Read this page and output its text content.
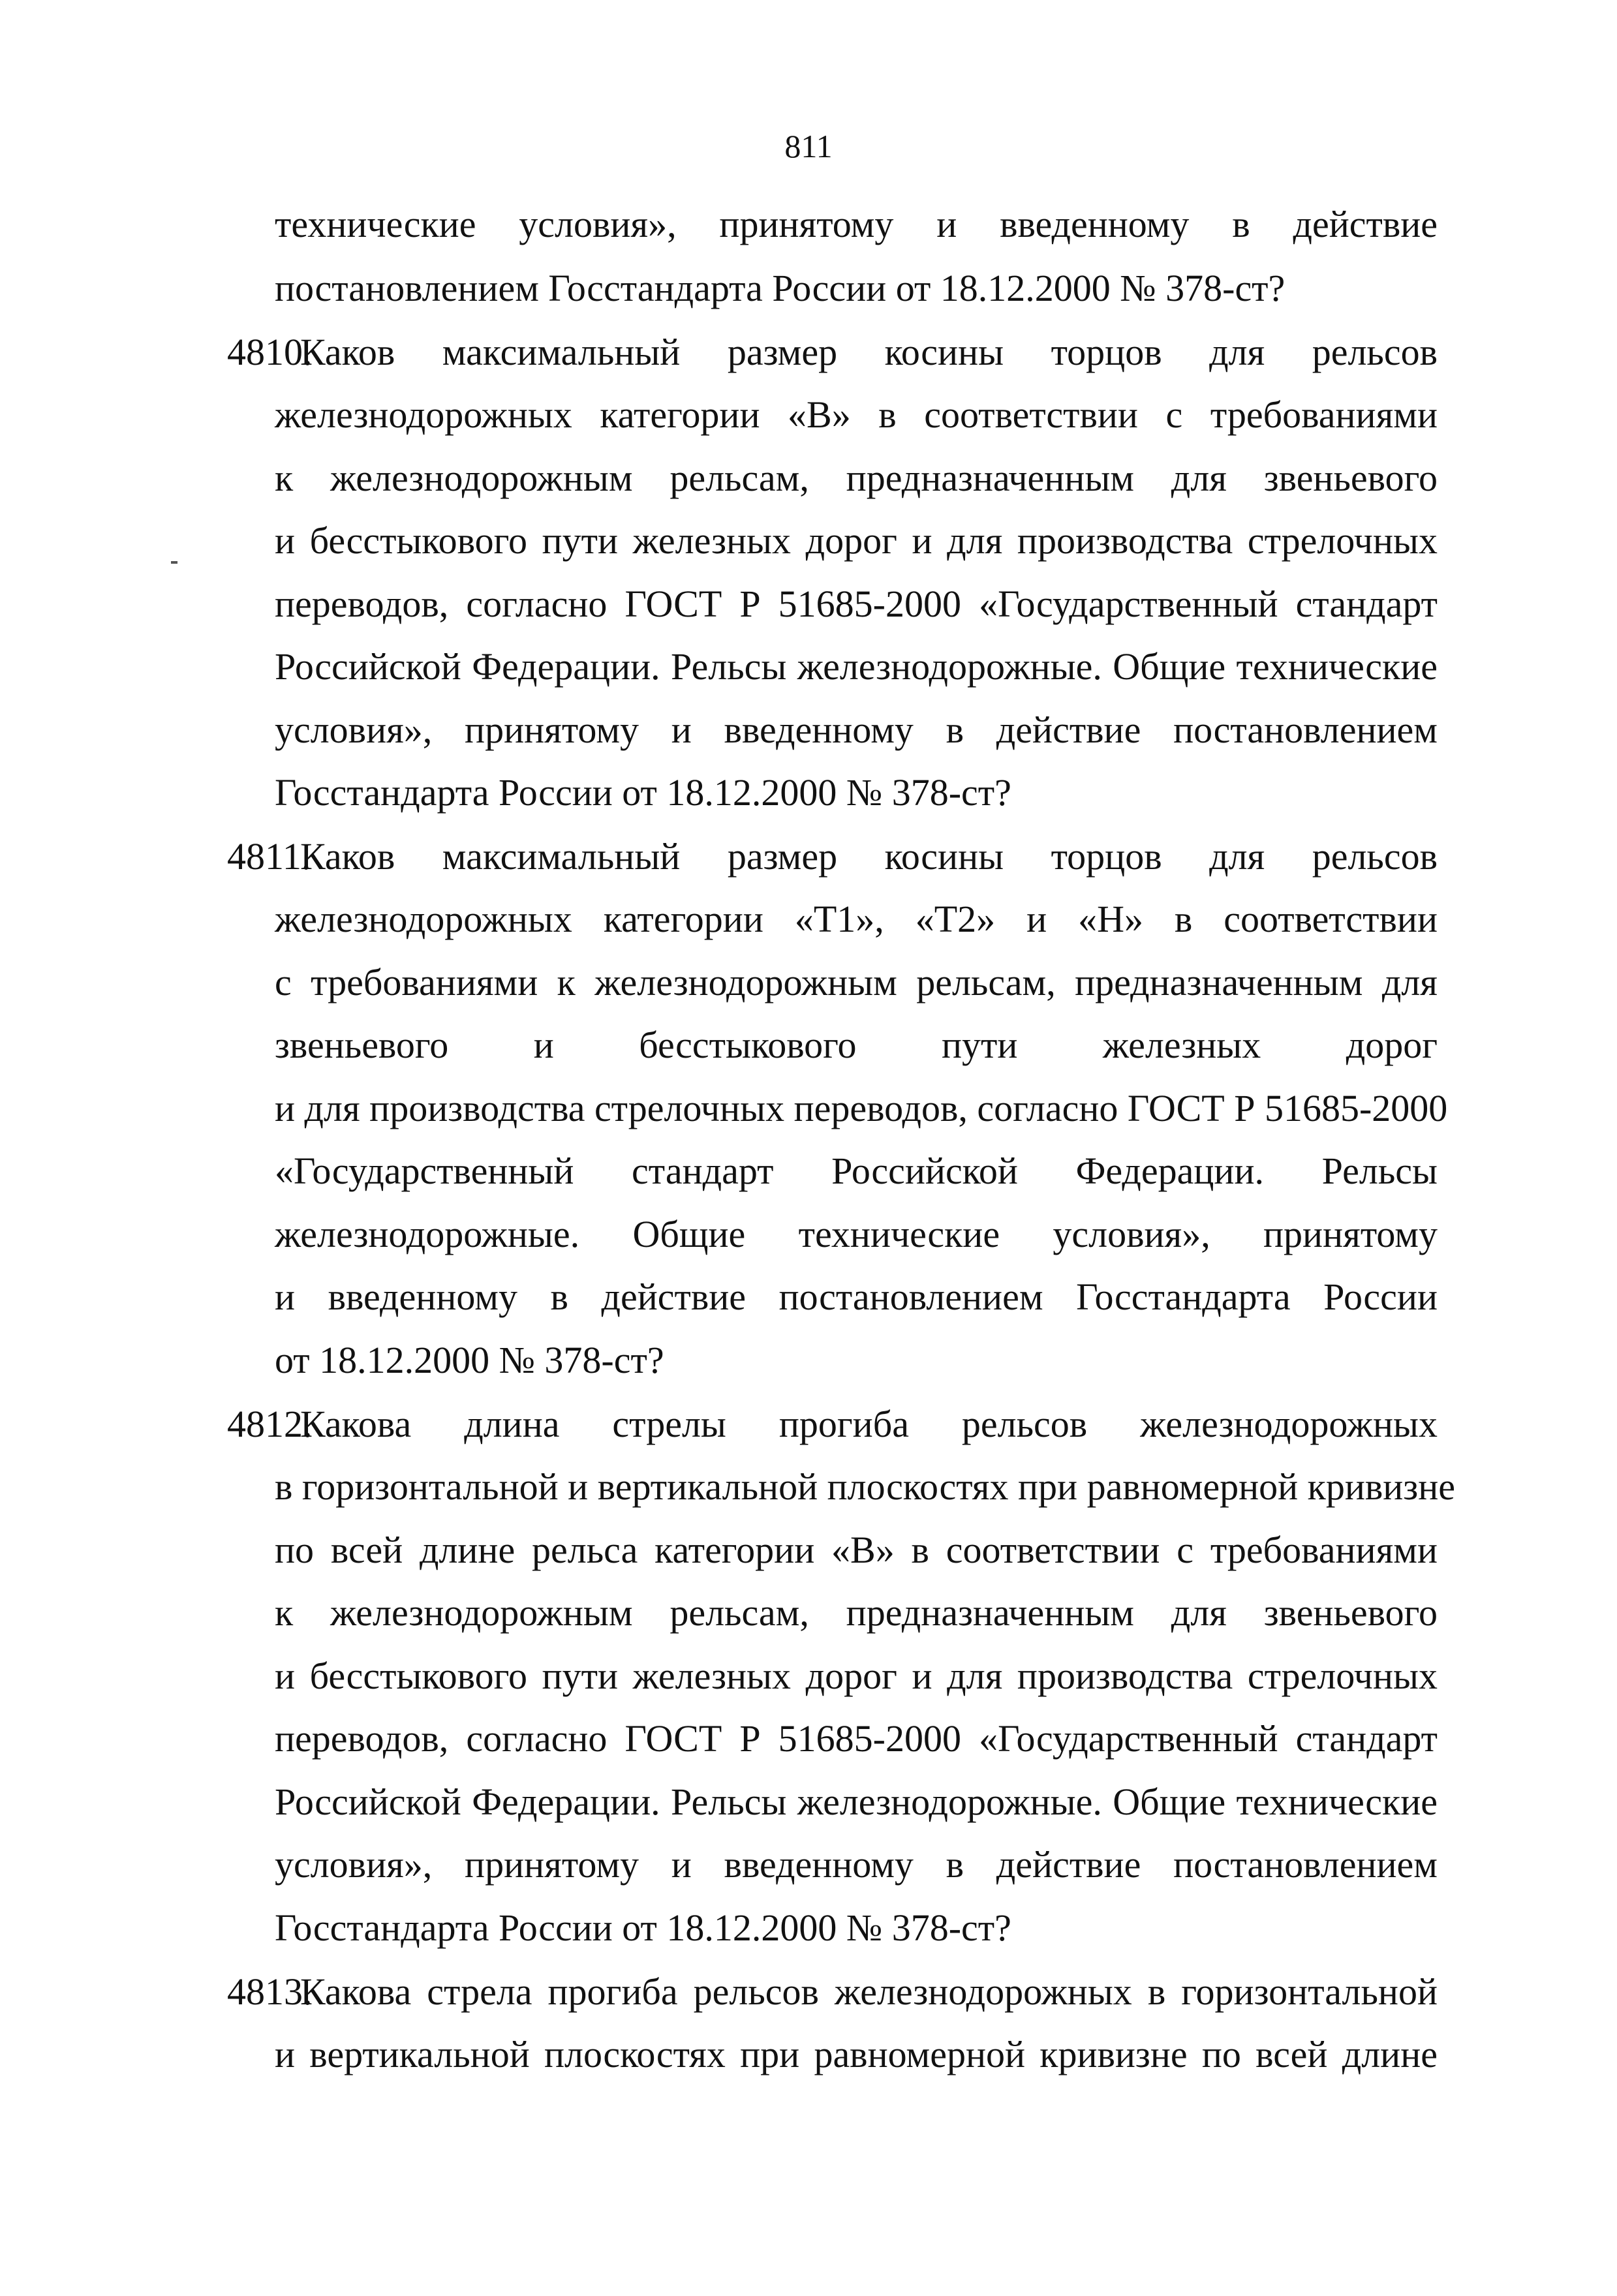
811
технические условия», принятому и введенному в действие
постановлением Госстандарта России от 18.12.2000 № 378-ст?
4810.Каков максимальный размер косины торцов для рельсов
железнодорожных категории «В» в соответствии с требованиями
к железнодорожным рельсам, предназначенным для звеньевого
и бесстыкового пути железных дорог и для производства стрелочных
переводов, согласно ГОСТ Р 51685-2000 «Государственный стандарт
Российской Федерации. Рельсы железнодорожные. Общие технические
условия», принятому и введенному в действие постановлением
Госстандарта России от 18.12.2000 № 378-ст?
4811.Каков максимальный размер косины торцов для рельсов
железнодорожных категории «Т1», «Т2» и «Н» в соответствии
с требованиями к железнодорожным рельсам, предназначенным для
звеньевого и бесстыкового пути железных дорог
и для производства стрелочных переводов, согласно ГОСТ Р 51685-2000
«Государственный стандарт Российской Федерации. Рельсы
железнодорожные. Общие технические условия», принятому
и введенному в действие постановлением Госстандарта России
от 18.12.2000 № 378-ст?
4812.Какова длина стрелы прогиба рельсов железнодорожных
в горизонтальной и вертикальной плоскостях при равномерной кривизне
по всей длине рельса категории «В» в соответствии с требованиями
к железнодорожным рельсам, предназначенным для звеньевого
и бесстыкового пути железных дорог и для производства стрелочных
переводов, согласно ГОСТ Р 51685-2000 «Государственный стандарт
Российской Федерации. Рельсы железнодорожные. Общие технические
условия», принятому и введенному в действие постановлением
Госстандарта России от 18.12.2000 № 378-ст?
4813.Какова стрела прогиба рельсов железнодорожных в горизонтальной
и вертикальной плоскостях при равномерной кривизне по всей длине
